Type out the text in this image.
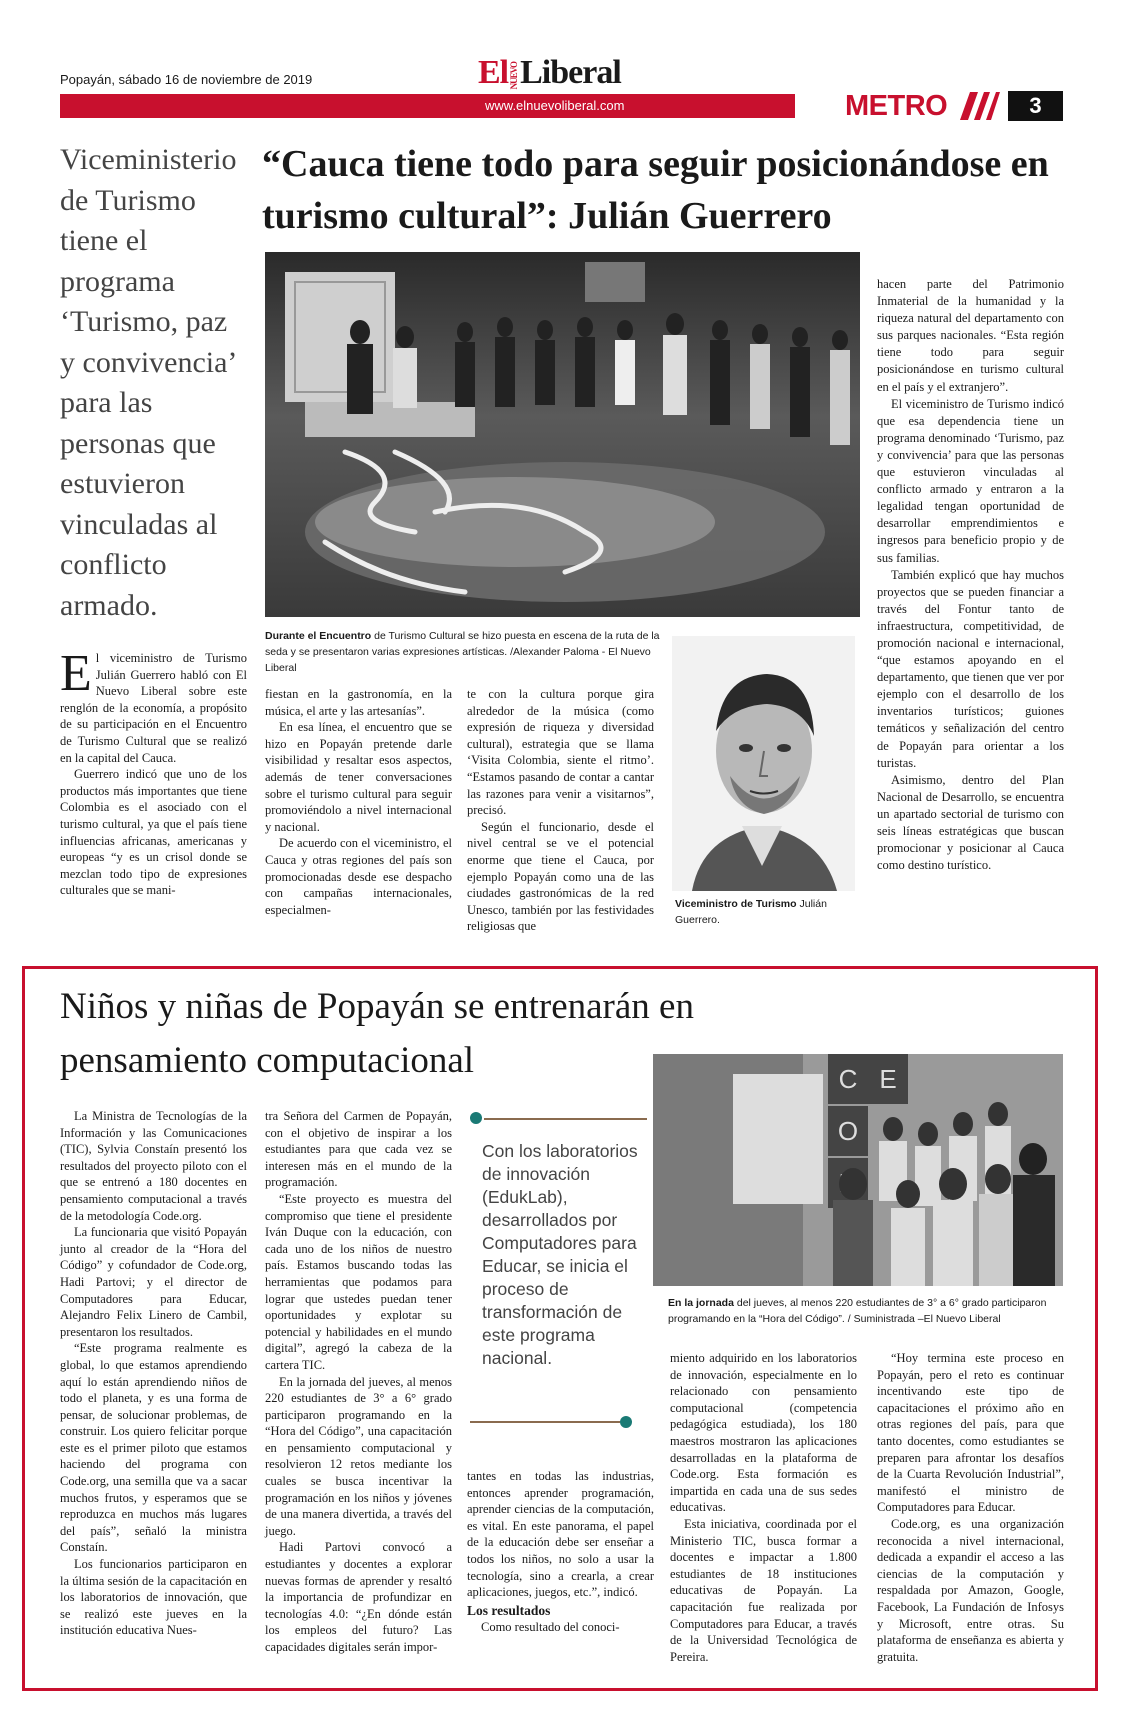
Popayán, sábado 16 de noviembre de 2019	ElNUEVOLiberal
www.elnuevoliberal.com	METRO	3
“Cauca tiene todo para seguir posicionándose en turismo cultural”: Julián Guerrero
Viceministerio de Turismo tiene el programa ‘Turismo, paz y convivencia’ para las personas que estuvieron vinculadas al conflicto armado.
Durante el Encuentro de Turismo Cultural se hizo puesta en escena de la ruta de la seda y se presentaron varias expresiones artísticas. /Alexander Paloma - El Nuevo Liberal
E l viceministro de Turismo Julián Guerrero habló con El Nuevo Liberal sobre este renglón de la economía, a propósito de su participación en el Encuentro de Turismo Cultural que se realizó en la capital del Cauca.

Guerrero indicó que uno de los productos más importantes que tiene Colombia es el asociado con el turismo cultural, ya que el país tiene influencias africanas, americanas y europeas “y es un crisol donde se mezclan todo tipo de expresiones culturales que se mani-

fiestan en la gastronomía, en la música, el arte y las artesanías”.

En esa línea, el encuentro que se hizo en Popayán pretende darle visibilidad y resaltar esos aspectos, además de tener conversaciones sobre el turismo cultural para seguir promoviéndolo a nivel internacional y nacional.

De acuerdo con el viceministro, el Cauca y otras regiones del país son promocionadas desde ese despacho con campañas internacionales, especialmen-

te con la cultura porque gira alrededor de la música (como expresión de riqueza y diversidad cultural), estrategia que se llama ‘Visita Colombia, siente el ritmo’. “Estamos pasando de contar a cantar las razones para venir a visitarnos”, precisó.

Según el funcionario, desde el nivel central se ve el potencial enorme que tiene el Cauca, por ejemplo Popayán como una de las ciudades gastronómicas de la red Unesco, también por las festividades religiosas que

hacen parte del Patrimonio Inmaterial de la humanidad y la riqueza natural del departamento con sus parques nacionales. “Esta región tiene todo para seguir posicionándose en turismo cultural en el país y el extranjero”.

El viceministro de Turismo indicó que esa dependencia tiene un programa denominado ‘Turismo, paz y convivencia’ para que las personas que estuvieron vinculadas al conflicto armado y entraron a la legalidad tengan oportunidad de desarrollar emprendimientos e ingresos para beneficio propio y de sus familias.

También explicó que hay muchos proyectos que se pueden financiar a través del Fontur tanto de infraestructura, competitividad, de promoción nacional e internacional, “que estamos apoyando en el departamento, que tienen que ver por ejemplo con el desarrollo de los inventarios turísticos; guiones temáticos y señalización del centro de Popayán para orientar a los turistas.

Asimismo, dentro del Plan Nacional de Desarrollo, se encuentra un apartado sectorial de turismo con seis líneas estratégicas que buscan promocionar y posicionar al Cauca como destino turístico.

Viceministro de Turismo Julián Guerrero.
Niños y niñas de Popayán se entrenarán en pensamiento computacional	C
O
E
En la jornada del jueves, al menos 220 estudiantes de 3° a 6° grado participaron programando en la “Hora del Código”. / Suministrada –El Nuevo Liberal
Con los laboratorios de innovación (EdukLab), desarrollados por Computadores para Educar, se inicia el proceso de transformación de este programa nacional.

La Ministra de Tecnologías de la Información y las Comunicaciones (TIC), Sylvia Constaín presentó los resultados del proyecto piloto con el que se entrenó a 180 docentes en pensamiento computacional a través de la metodología Code.org.

La funcionaria que visitó Popayán junto al creador de la “Hora del Código” y cofundador de Code.org, Hadi Partovi; y el director de Computadores para Educar, Alejandro Felix Linero de Cambil, presentaron los resultados.

“Este programa realmente es global, lo que estamos aprendiendo aquí lo están aprendiendo niños de todo el planeta, y es una forma de pensar, de solucionar problemas, de construir. Los quiero felicitar porque este es el primer piloto que estamos haciendo del programa con Code.org, una semilla que va a sacar muchos frutos, y esperamos que se reproduzca en muchos más lugares del país”, señaló la ministra Constaín.

Los funcionarios participaron en la última sesión de la capacitación en los laboratorios de innovación, que se realizó este jueves en la institución educativa Nues-

tra Señora del Carmen de Popayán, con el objetivo de inspirar a los estudiantes para que cada vez se interesen más en el mundo de la programación.

“Este proyecto es muestra del compromiso que tiene el presidente Iván Duque con la educación, con cada uno de los niños de nuestro país. Estamos buscando todas las herramientas que podamos para lograr que ustedes puedan tener oportunidades y explotar su potencial y habilidades en el mundo digital”, agregó la cabeza de la cartera TIC.

En la jornada del jueves, al menos 220 estudiantes de 3° a 6° grado participaron programando en la “Hora del Código”, una capacitación en pensamiento computacional y resolvieron 12 retos mediante los cuales se busca incentivar la programación en los niños y jóvenes de una manera divertida, a través del juego.

Hadi Partovi convocó a estudiantes y docentes a explorar nuevas formas de aprender y resaltó la importancia de profundizar en tecnologías 4.0: “¿En dónde están los empleos del futuro? Las capacidades digitales serán impor-

tantes en todas las industrias, entonces aprender programación, aprender ciencias de la computación, es vital. En este panorama, el papel de la educación debe ser enseñar a todos los niños, no solo a usar la tecnología, sino a crearla, a crear aplicaciones, juegos, etc.”, indicó.

Los resultados

Como resultado del conoci-

miento adquirido en los laboratorios de innovación, especialmente en lo relacionado con pensamiento computacional (competencia pedagógica estudiada), los 180 maestros mostraron las aplicaciones desarrolladas en la plataforma de Code.org. Esta formación es impartida en cada una de sus sedes educativas.

Esta iniciativa, coordinada por el Ministerio TIC, busca formar a docentes e impactar a 1.800 estudiantes de 18 instituciones educativas de Popayán. La capacitación fue realizada por Computadores para Educar, a través de la Universidad Tecnológica de Pereira.

“Hoy termina este proceso en Popayán, pero el reto es continuar incentivando este tipo de capacitaciones el próximo año en otras regiones del país, para que tanto docentes, como estudiantes se preparen para afrontar los desafíos de la Cuarta Revolución Industrial”, manifestó el ministro de Computadores para Educar.

Code.org, es una organización reconocida a nivel internacional, dedicada a expandir el acceso a las ciencias de la computación y respaldada por Amazon, Google, Facebook, La Fundación de Infosys y Microsoft, entre otras. Su plataforma de enseñanza es abierta y gratuita.
